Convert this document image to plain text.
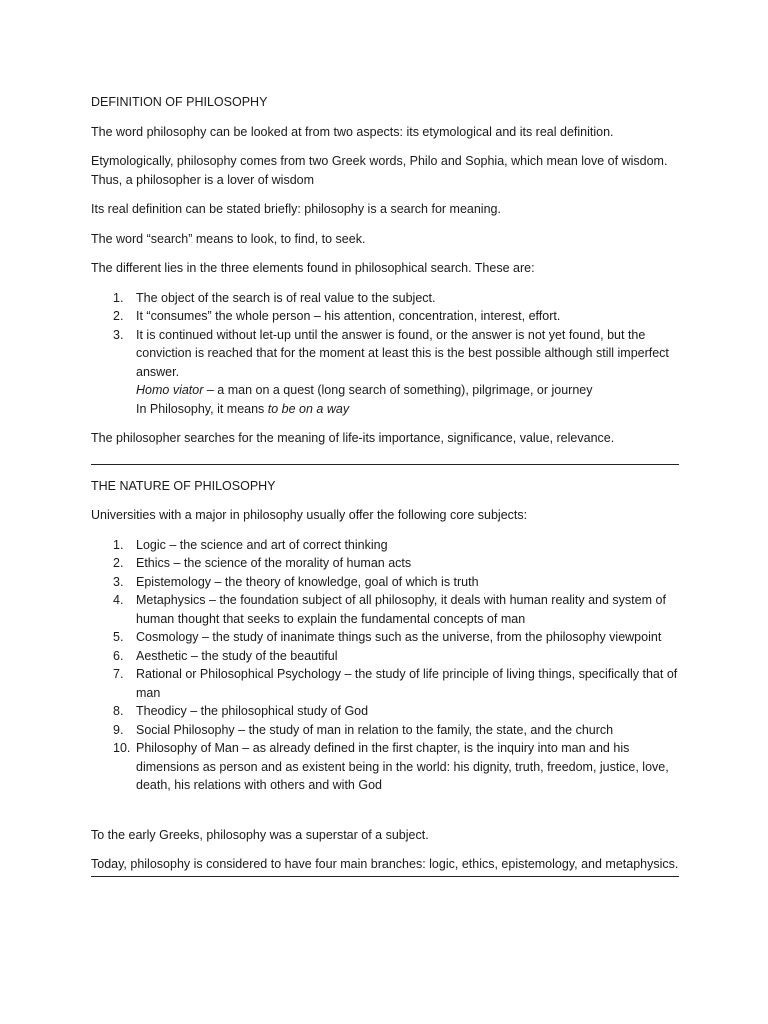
DEFINITION OF PHILOSOPHY

The word philosophy can be looked at from two aspects: its etymological and its real definition.

Etymologically, philosophy comes from two Greek words, Philo and Sophia, which mean love of wisdom.
Thus, a philosopher is a lover of wisdom

Its real definition can be stated briefly: philosophy is a search for meaning.

The word “search” means to look, to find, to seek.

The different lies in the three elements found in philosophical search. These are:

1. The object of the search is of real value to the subject.
2. It “consumes” the whole person – his attention, concentration, interest, effort.
3. It is continued without let-up until the answer is found, or the answer is not yet found, but the conviction is reached that for the moment at least this is the best possible although still imperfect answer.
Homo viator – a man on a quest (long search of something), pilgrimage, or journey
In Philosophy, it means to be on a way

The philosopher searches for the meaning of life-its importance, significance, value, relevance.

THE NATURE OF PHILOSOPHY

Universities with a major in philosophy usually offer the following core subjects:

1. Logic – the science and art of correct thinking
2. Ethics – the science of the morality of human acts
3. Epistemology – the theory of knowledge, goal of which is truth
4. Metaphysics – the foundation subject of all philosophy, it deals with human reality and system of human thought that seeks to explain the fundamental concepts of man
5. Cosmology – the study of inanimate things such as the universe, from the philosophy viewpoint
6. Aesthetic – the study of the beautiful
7. Rational or Philosophical Psychology – the study of life principle of living things, specifically that of man
8. Theodicy – the philosophical study of God
9. Social Philosophy – the study of man in relation to the family, the state, and the church
10. Philosophy of Man – as already defined in the first chapter, is the inquiry into man and his dimensions as person and as existent being in the world: his dignity, truth, freedom, justice, love, death, his relations with others and with God

To the early Greeks, philosophy was a superstar of a subject.

Today, philosophy is considered to have four main branches: logic, ethics, epistemology, and metaphysics.
